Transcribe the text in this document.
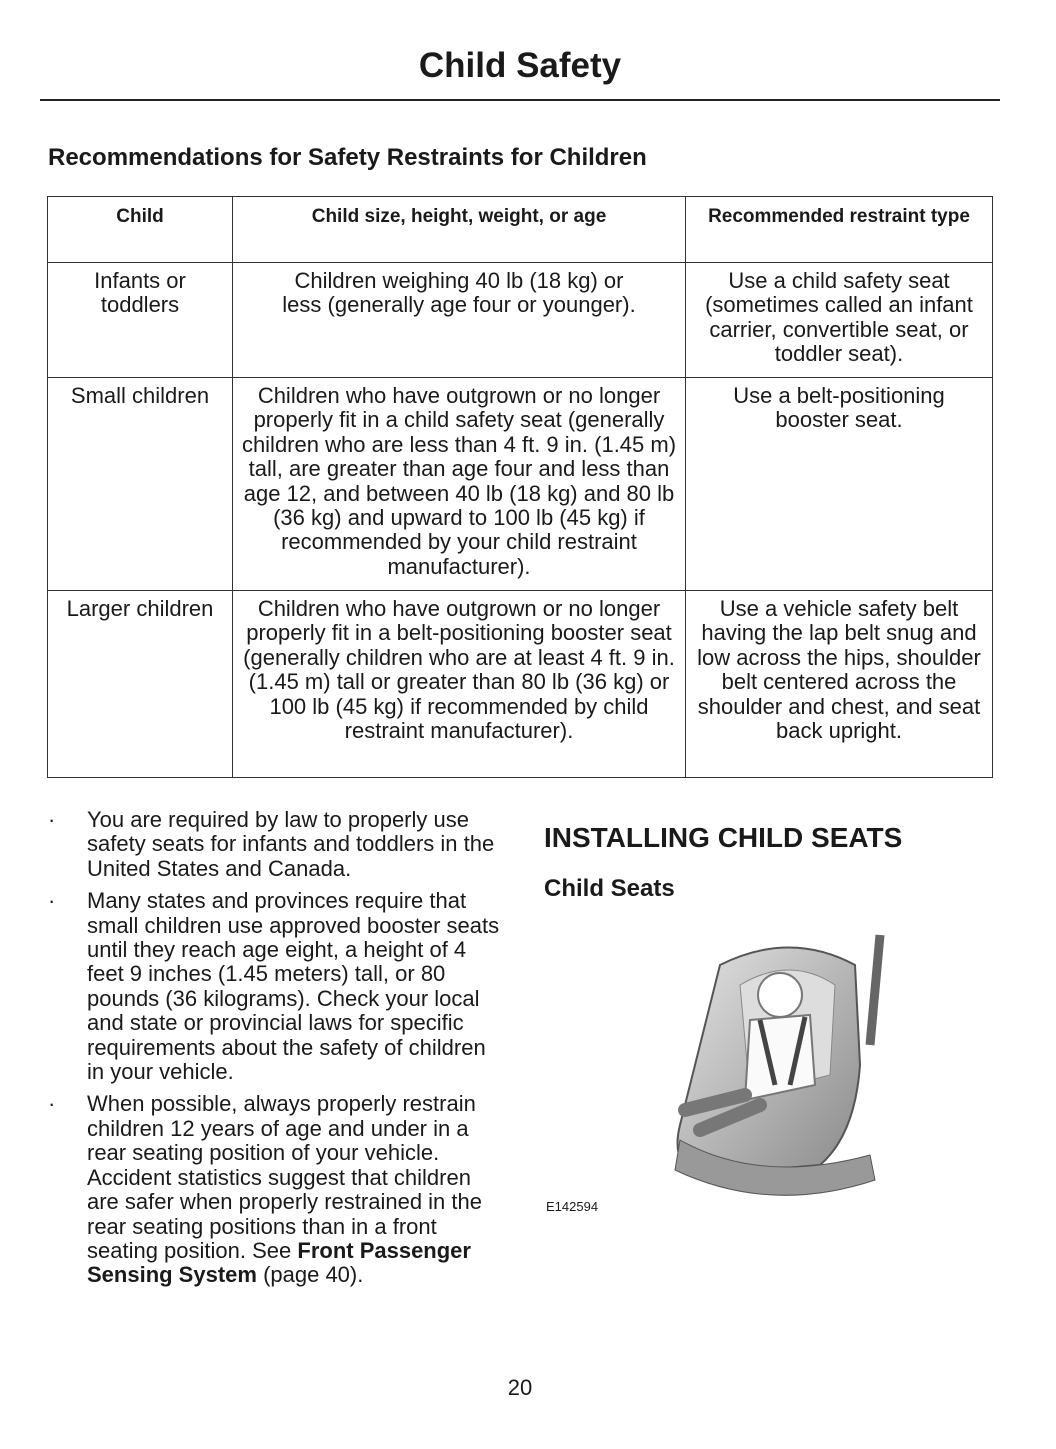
Child Safety
Recommendations for Safety Restraints for Children
Child	Child size, height, weight, or age	Recommended restraint type
Infants or toddlers	Children weighing 40 lb (18 kg) or less (generally age four or younger).	Use a child safety seat (sometimes called an infant carrier, convertible seat, or toddler seat).
Small children	Children who have outgrown or no longer properly fit in a child safety seat (generally children who are less than 4 ft. 9 in. (1.45 m) tall, are greater than age four and less than age 12, and between 40 lb (18 kg) and 80 lb (36 kg) and upward to 100 lb (45 kg) if recommended by your child restraint manufacturer).	Use a belt-positioning booster seat.
Larger children	Children who have outgrown or no longer properly fit in a belt-positioning booster seat (generally children who are at least 4 ft. 9 in. (1.45 m) tall or greater than 80 lb (36 kg) or 100 lb (45 kg) if recommended by child restraint manufacturer).	Use a vehicle safety belt having the lap belt snug and low across the hips, shoulder belt centered across the shoulder and chest, and seat back upright.
· You are required by law to properly use safety seats for infants and toddlers in the United States and Canada.
· Many states and provinces require that small children use approved booster seats until they reach age eight, a height of 4 feet 9 inches (1.45 meters) tall, or 80 pounds (36 kilograms). Check your local and state or provincial laws for specific requirements about the safety of children in your vehicle.
· When possible, always properly restrain children 12 years of age and under in a rear seating position of your vehicle. Accident statistics suggest that children are safer when properly restrained in the rear seating positions than in a front seating position. See Front Passenger Sensing System (page 40).
INSTALLING CHILD SEATS
Child Seats
E142594
20
